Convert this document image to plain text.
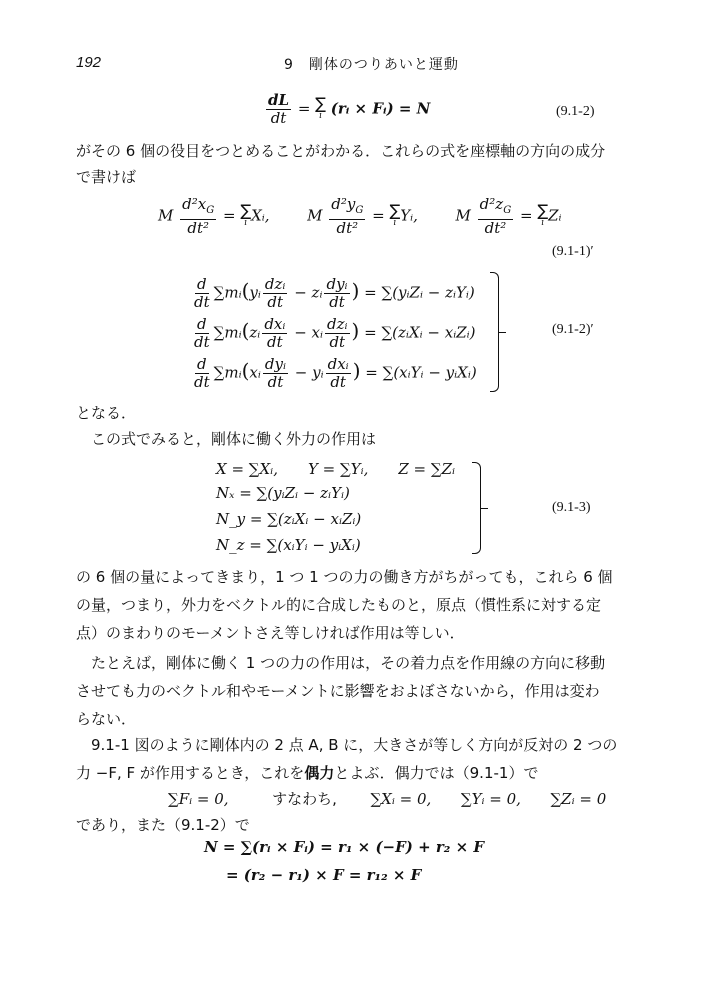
192	9　剛体のつりあいと運動
$\frac{dL}{dt}$ = ∑
i (rᵢ × Fᵢ) = N	(9.1-2)
がその 6 個の役目をつとめることがわかる．これらの式を座標軸の方向の成分
で書けば
M $\frac{d^2x_G}{\text{dt²}}$ = ∑
i Xᵢ,	M $\frac{d^2y_G}{\text{dt²}}$ = ∑
i Yᵢ,	M $\frac{d^2z_G}{\text{dt²}}$ = ∑
i Zᵢ
(9.1-1)′
$\frac{d}{dt}$ ∑mᵢ(yᵢ $\frac{\text{dzᵢ}}{dt}$ − zᵢ $\frac{\text{dyᵢ}}{dt}$ ) = ∑(yᵢZᵢ − zᵢYᵢ)
$\frac{d}{dt}$ ∑mᵢ(zᵢ $\frac{\text{dxᵢ}}{dt}$ − xᵢ $\frac{\text{dzᵢ}}{dt}$ ) = ∑(zᵢXᵢ − xᵢZᵢ)
$\frac{d}{dt}$ ∑mᵢ(xᵢ $\frac{\text{dyᵢ}}{dt}$ − yᵢ $\frac{\text{dxᵢ}}{dt}$ ) = ∑(xᵢYᵢ − yᵢXᵢ)
(9.1-2)′
となる．
　この式でみると，剛体に働く外力の作用は
X = ∑Xᵢ,　　Y = ∑Yᵢ,　　Z = ∑Zᵢ
Nₓ = ∑(yᵢZᵢ − zᵢYᵢ)
N_y = ∑(zᵢXᵢ − xᵢZᵢ)
N_z = ∑(xᵢYᵢ − yᵢXᵢ)
(9.1-3)
の 6 個の量によってきまり，1 つ 1 つの力の働き方がちがっても，これら 6 個
の量，つまり，外力をベクトル的に合成したものと，原点（慣性系に対する定
点）のまわりのモーメントさえ等しければ作用は等しい．
　たとえば，剛体に働く 1 つの力の作用は，その着力点を作用線の方向に移動
させても力のベクトル和やモーメントに影響をおよぼさないから，作用は変わ
らない．
　9.1-1 図のように剛体内の 2 点 A, B に，大きさが等しく方向が反対の 2 つの
力 −F, F が作用するとき，これを偶力とよぶ．偶力では（9.1-1）で
∑Fᵢ = 0,	すなわち, ∑Xᵢ = 0, ∑Yᵢ = 0, ∑Zᵢ = 0
であり，また（9.1-2）で
N = ∑(rᵢ × Fᵢ) = r₁ × (−F) + r₂ × F
= (r₂ − r₁) × F = r₁₂ × F
